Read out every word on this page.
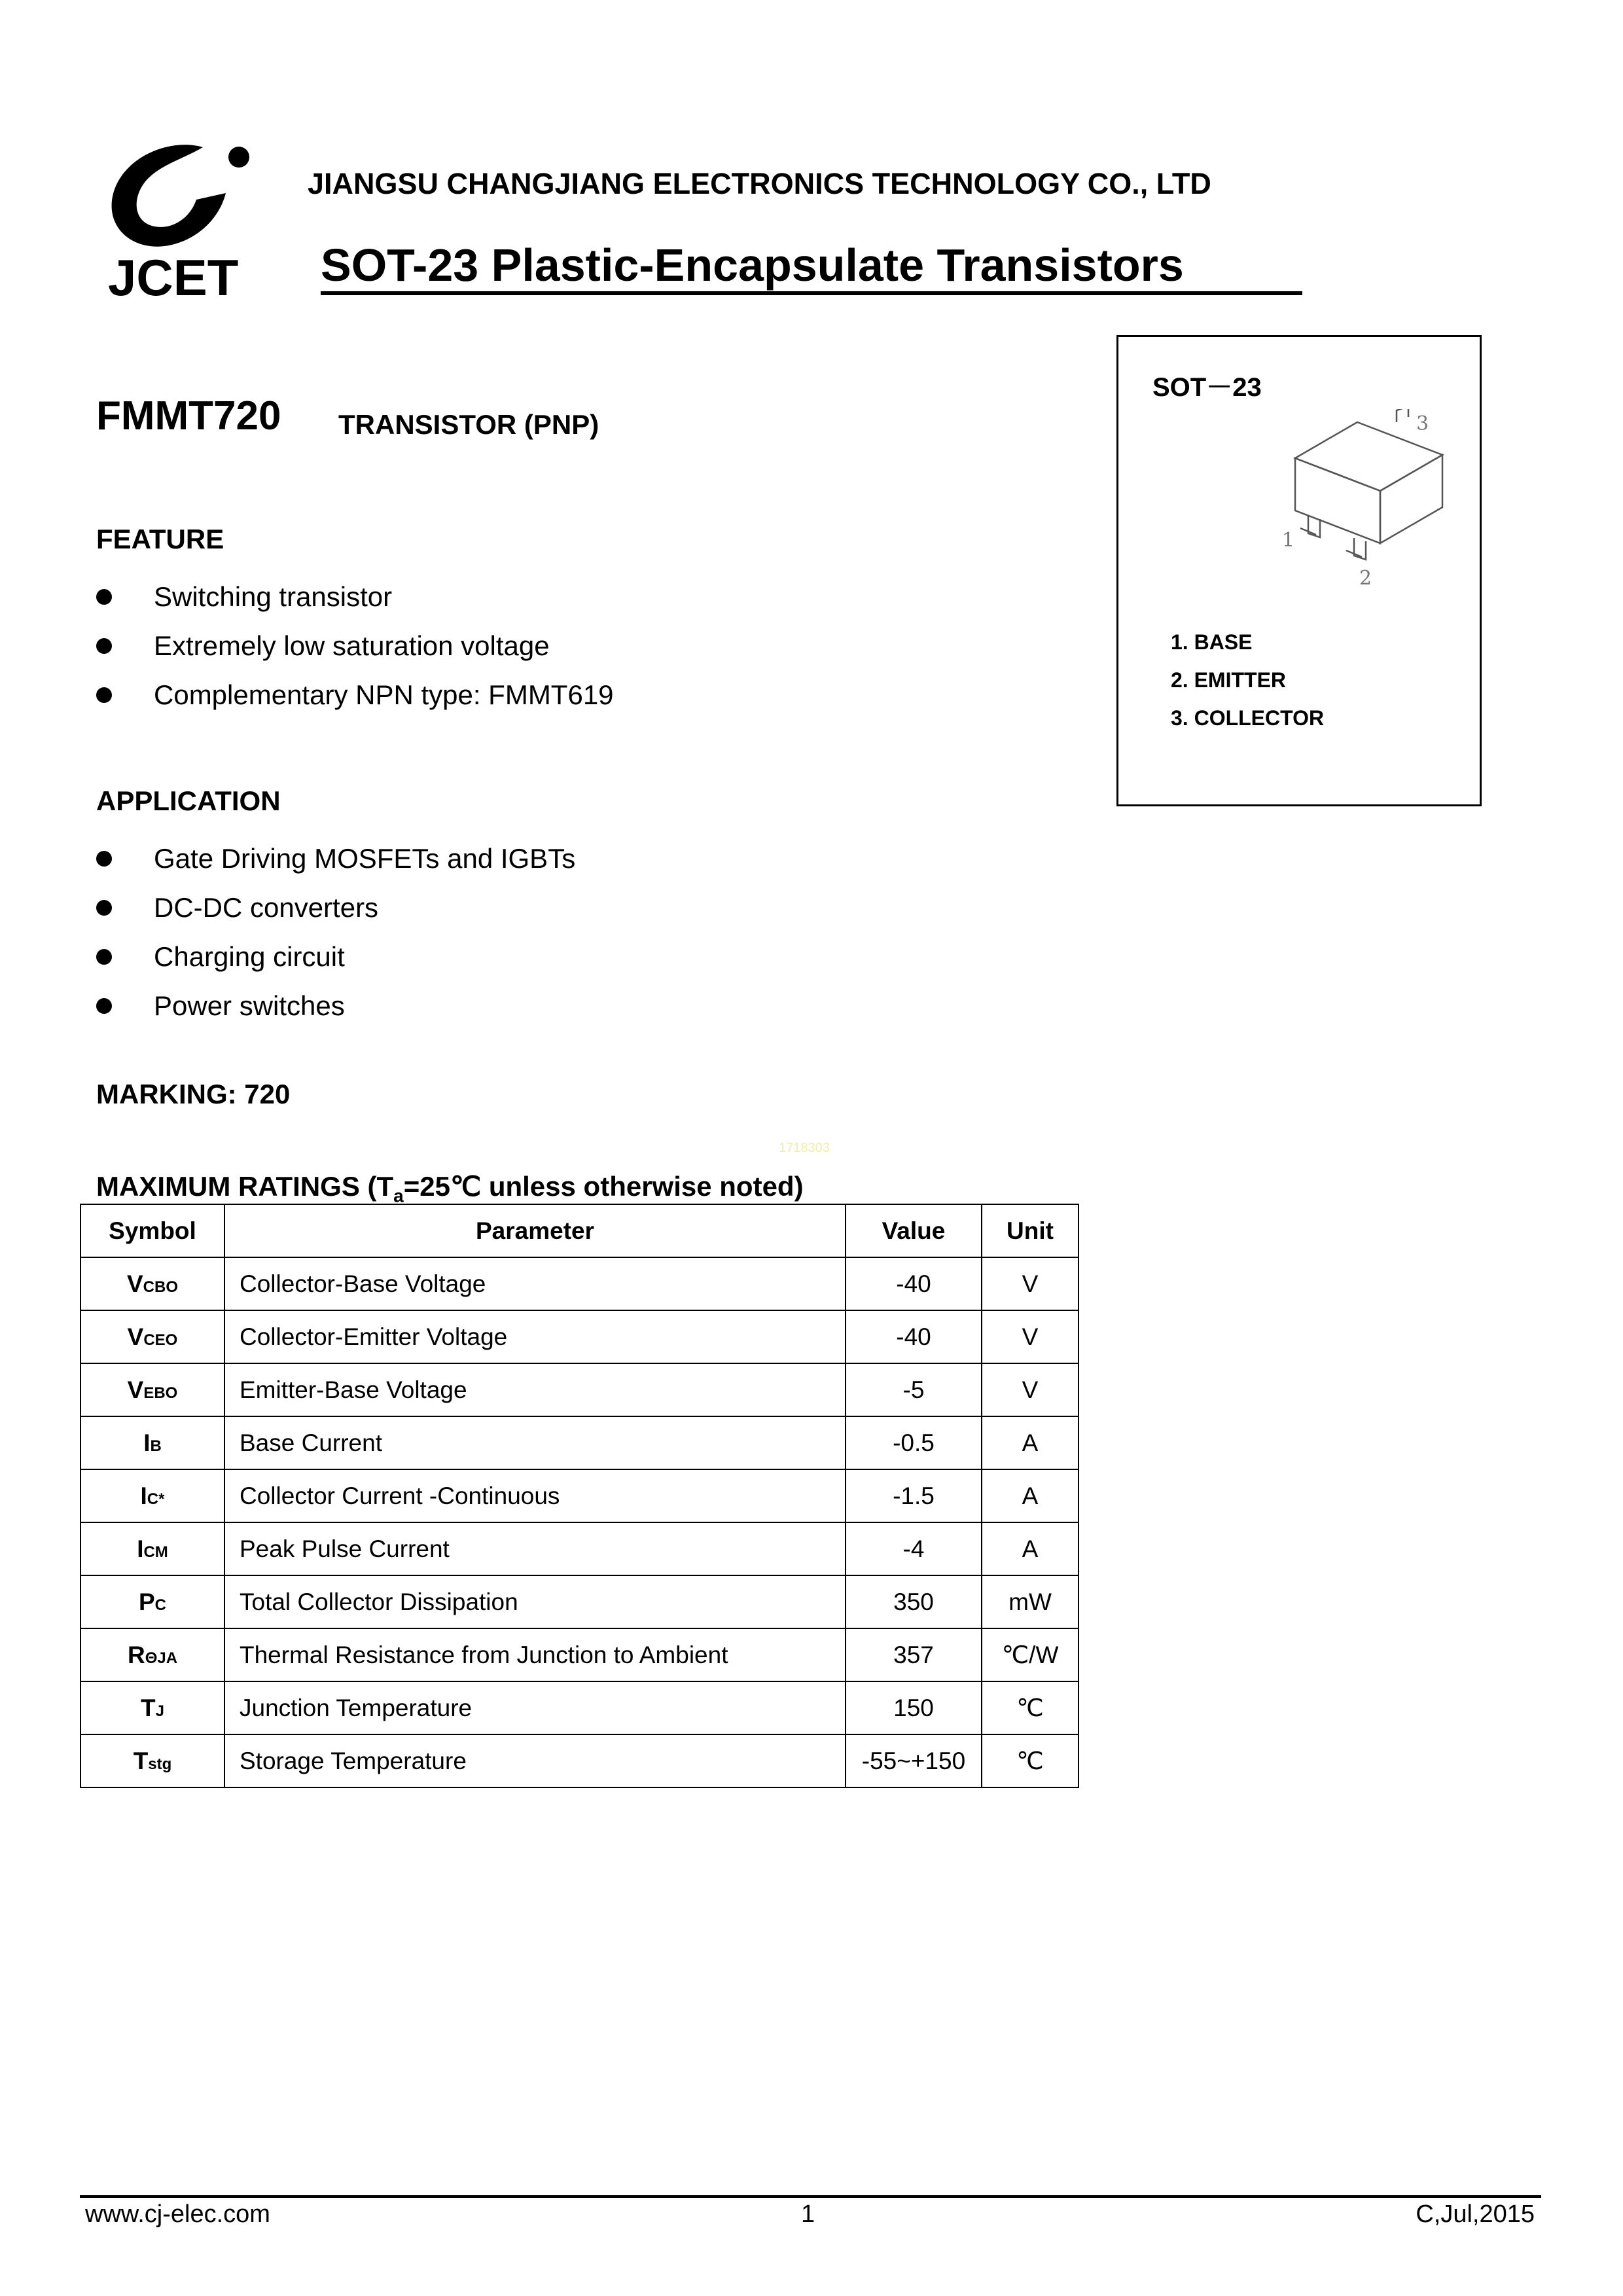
JCET
JIANGSU CHANGJIANG ELECTRONICS TECHNOLOGY CO., LTD
SOT-23 Plastic-Encapsulate Transistors
FMMT720 TRANSISTOR (PNP)
FEATURE
Switching transistor
Extremely low saturation voltage
Complementary NPN type: FMMT619
APPLICATION
Gate Driving MOSFETs and IGBTs
DC-DC converters
Charging circuit
Power switches
MARKING: 720
SOT－23
3
1
2
1. BASE
2. EMITTER
3. COLLECTOR
1718303
MAXIMUM RATINGS ($T_a=25℃$ unless otherwise noted)
Symbol	Parameter	Value	Unit
VCBO	Collector-Base Voltage	-40	V
VCEO	Collector-Emitter Voltage	-40	V
VEBO	Emitter-Base Voltage	-5	V
IB	Base Current	-0.5	A
IC*	Collector Current -Continuous	-1.5	A
ICM	Peak Pulse Current	-4	A
PC	Total Collector Dissipation	350	mW
RΘJA	Thermal Resistance from Junction to Ambient	357	℃/W
TJ	Junction Temperature	150	℃
Tstg	Storage Temperature	-55~+150	℃
www.cj-elec.com	1	C,Jul,2015
